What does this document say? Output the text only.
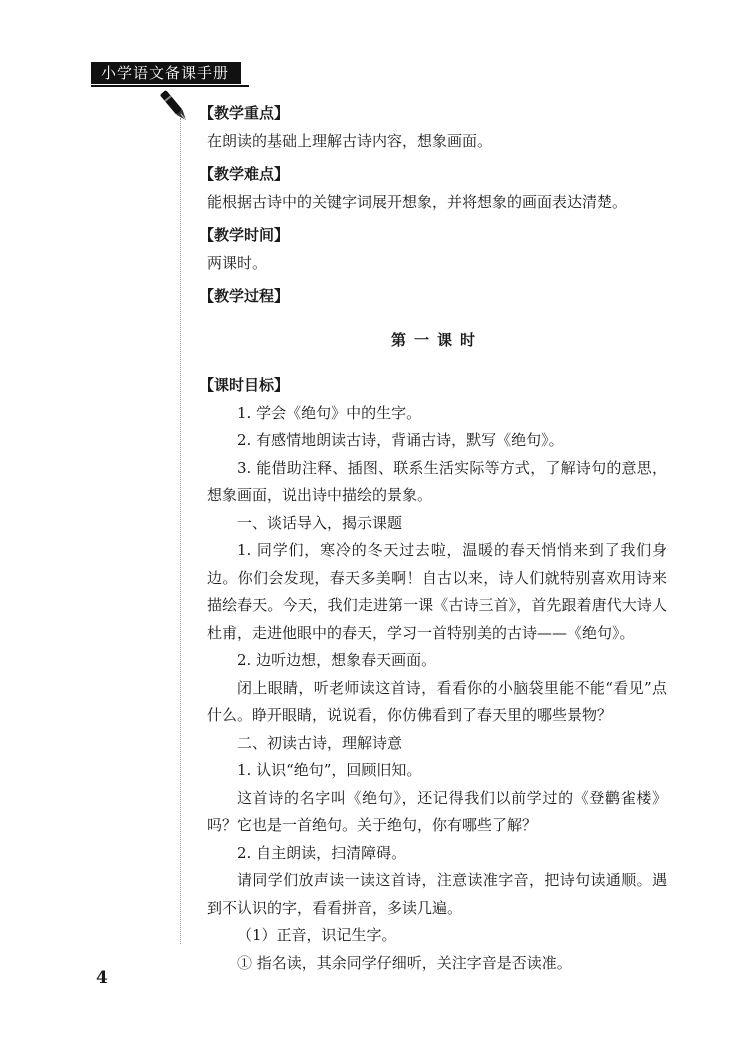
小学语文备课手册

【教学重点】

在朗读的基础上理解古诗内容，想象画面。

【教学难点】

能根据古诗中的关键字词展开想象，并将想象的画面表达清楚。

【教学时间】

两课时。

【教学过程】

第一课时

【课时目标】

1. 学会《绝句》中的生字。

2. 有感情地朗读古诗，背诵古诗，默写《绝句》。

3. 能借助注释、插图、联系生活实际等方式，了解诗句的意思，想象画面，说出诗中描绘的景象。

一、谈话导入，揭示课题

1. 同学们，寒冷的冬天过去啦，温暖的春天悄悄来到了我们身边。你们会发现，春天多美啊！自古以来，诗人们就特别喜欢用诗来描绘春天。今天，我们走进第一课《古诗三首》，首先跟着唐代大诗人杜甫，走进他眼中的春天，学习一首特别美的古诗——《绝句》。

2. 边听边想，想象春天画面。

闭上眼睛，听老师读这首诗，看看你的小脑袋里能不能“看见”点什么。睁开眼睛，说说看，你仿佛看到了春天里的哪些景物？

二、初读古诗，理解诗意

1. 认识“绝句”，回顾旧知。

这首诗的名字叫《绝句》，还记得我们以前学过的《登鹳雀楼》吗？它也是一首绝句。关于绝句，你有哪些了解？

2. 自主朗读，扫清障碍。

请同学们放声读一读这首诗，注意读准字音，把诗句读通顺。遇到不认识的字，看看拼音，多读几遍。

（1）正音，识记生字。

① 指名读，其余同学仔细听，关注字音是否读准。

4
